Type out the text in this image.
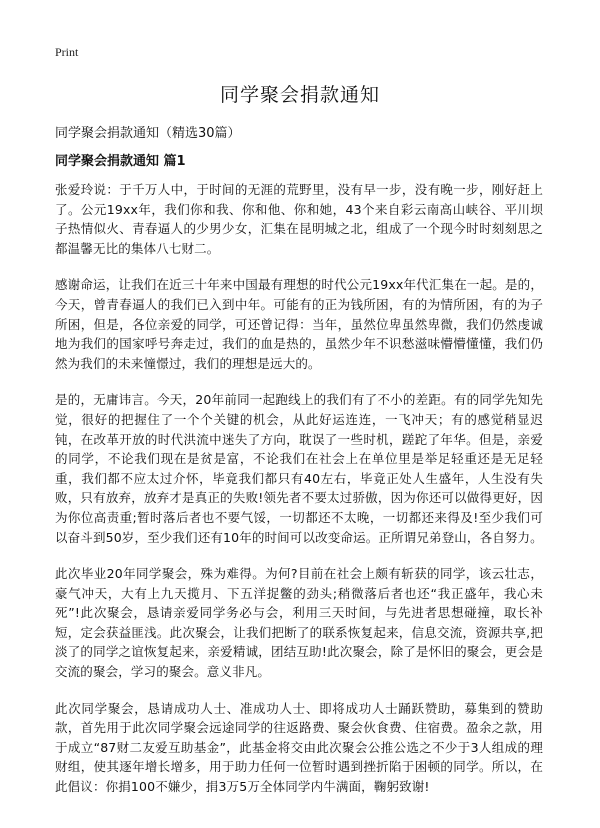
Print
同学聚会捐款通知

同学聚会捐款通知（精选30篇）

同学聚会捐款通知 篇1

张爱玲说：于千万人中，于时间的无涯的荒野里，没有早一步，没有晚一步，刚好赶上了。公元19xx年，我们你和我、你和他、你和她，43个来自彩云南高山峡谷、平川坝子热情似火、青春逼人的少男少女，汇集在昆明城之北，组成了一个现今时时刻刻思之都温馨无比的集体八七财二。

感谢命运，让我们在近三十年来中国最有理想的时代公元19xx年代汇集在一起。是的，今天，曾青春逼人的我们已入到中年。可能有的正为钱所困，有的为情所困，有的为子所困，但是，各位亲爱的同学，可还曾记得：当年，虽然位卑虽然卑微，我们仍然虔诚地为我们的国家呼号奔走过，我们的血是热的，虽然少年不识愁滋味懵懵懂懂，我们仍然为我们的未来憧憬过，我们的理想是远大的。

是的，无庸讳言。今天，20年前同一起跑线上的我们有了不小的差距。有的同学先知先觉，很好的把握住了一个个关键的机会，从此好运连连，一飞冲天；有的感觉稍显迟钝，在改革开放的时代洪流中迷失了方向，耽误了一些时机，蹉跎了年华。但是，亲爱的同学，不论我们现在是贫是富，不论我们在社会上在单位里是举足轻重还是无足轻重，我们都不应太过介怀，毕竟我们都只有40左右，毕竟正处人生盛年，人生没有失败，只有放弃，放弃才是真正的失败!领先者不要太过骄傲，因为你还可以做得更好，因为你位高责重;暂时落后者也不要气馁，一切都还不太晚，一切都还来得及!至少我们可以奋斗到50岁，至少我们还有10年的时间可以改变命运。正所谓兄弟登山，各自努力。

此次毕业20年同学聚会，殊为难得。为何?目前在社会上颇有斩获的同学，该云壮志，豪气冲天，大有上九天揽月、下五洋捉鳖的劲头;稍微落后者也还“我正盛年，我心未死”!此次聚会，恳请亲爱同学务必与会，利用三天时间，与先进者思想碰撞，取长补短，定会获益匪浅。此次聚会，让我们把断了的联系恢复起来，信息交流，资源共享,把淡了的同学之谊恢复起来，亲爱精诚，团结互助!此次聚会，除了是怀旧的聚会，更会是交流的聚会，学习的聚会。意义非凡。

此次同学聚会，恳请成功人士、准成功人士、即将成功人士踊跃赞助，募集到的赞助款，首先用于此次同学聚会远途同学的往返路费、聚会伙食费、住宿费。盈余之款，用于成立“87财二友爱互助基金”，此基金将交由此次聚会公推公选之不少于3人组成的理财组，使其逐年增长增多，用于助力任何一位暂时遇到挫折陷于困顿的同学。所以，在此倡议：你捐100不嫌少，捐3万5万全体同学内牛满面，鞠躬致谢!
